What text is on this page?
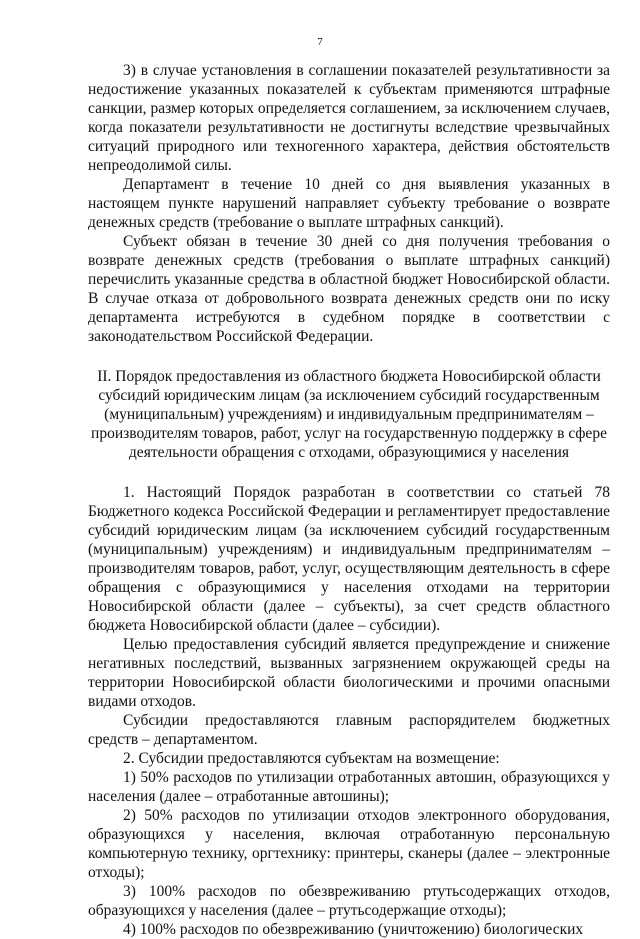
7

3) в случае установления в соглашении показателей результативности за недостижение указанных показателей к субъектам применяются штрафные санкции, размер которых определяется соглашением, за исключением случаев, когда показатели результативности не достигнуты вследствие чрезвычайных ситуаций природного или техногенного характера, действия обстоятельств непреодолимой силы.

Департамент в течение 10 дней со дня выявления указанных в настоящем пункте нарушений направляет субъекту требование о возврате денежных средств (требование о выплате штрафных санкций).

Субъект обязан в течение 30 дней со дня получения требования о возврате денежных средств (требования о выплате штрафных санкций) перечислить указанные средства в областной бюджет Новосибирской области. В случае отказа от добровольного возврата денежных средств они по иску департамента истребуются в судебном порядке в соответствии с законодательством Российской Федерации.

II. Порядок предоставления из областного бюджета Новосибирской области субсидий юридическим лицам (за исключением субсидий государственным (муниципальным) учреждениям) и индивидуальным предпринимателям – производителям товаров, работ, услуг на государственную поддержку в сфере деятельности обращения с отходами, образующимися у населения

1. Настоящий Порядок разработан в соответствии со статьей 78 Бюджетного кодекса Российской Федерации и регламентирует предоставление субсидий юридическим лицам (за исключением субсидий государственным (муниципальным) учреждениям) и индивидуальным предпринимателям – производителям товаров, работ, услуг, осуществляющим деятельность в сфере обращения с образующимися у населения отходами на территории Новосибирской области (далее – субъекты), за счет средств областного бюджета Новосибирской области (далее – субсидии).

Целью предоставления субсидий является предупреждение и снижение негативных последствий, вызванных загрязнением окружающей среды на территории Новосибирской области биологическими и прочими опасными видами отходов.

Субсидии предоставляются главным распорядителем бюджетных средств – департаментом.

2. Субсидии предоставляются субъектам на возмещение:

1) 50% расходов по утилизации отработанных автошин, образующихся у населения (далее – отработанные автошины);

2) 50% расходов по утилизации отходов электронного оборудования, образующихся у населения, включая отработанную персональную компьютерную технику, оргтехнику: принтеры, сканеры (далее – электронные отходы);

3) 100% расходов по обезвреживанию ртутьсодержащих отходов, образующихся у населения (далее – ртутьсодержащие отходы);

4) 100% расходов по обезвреживанию (уничтожению) биологических
